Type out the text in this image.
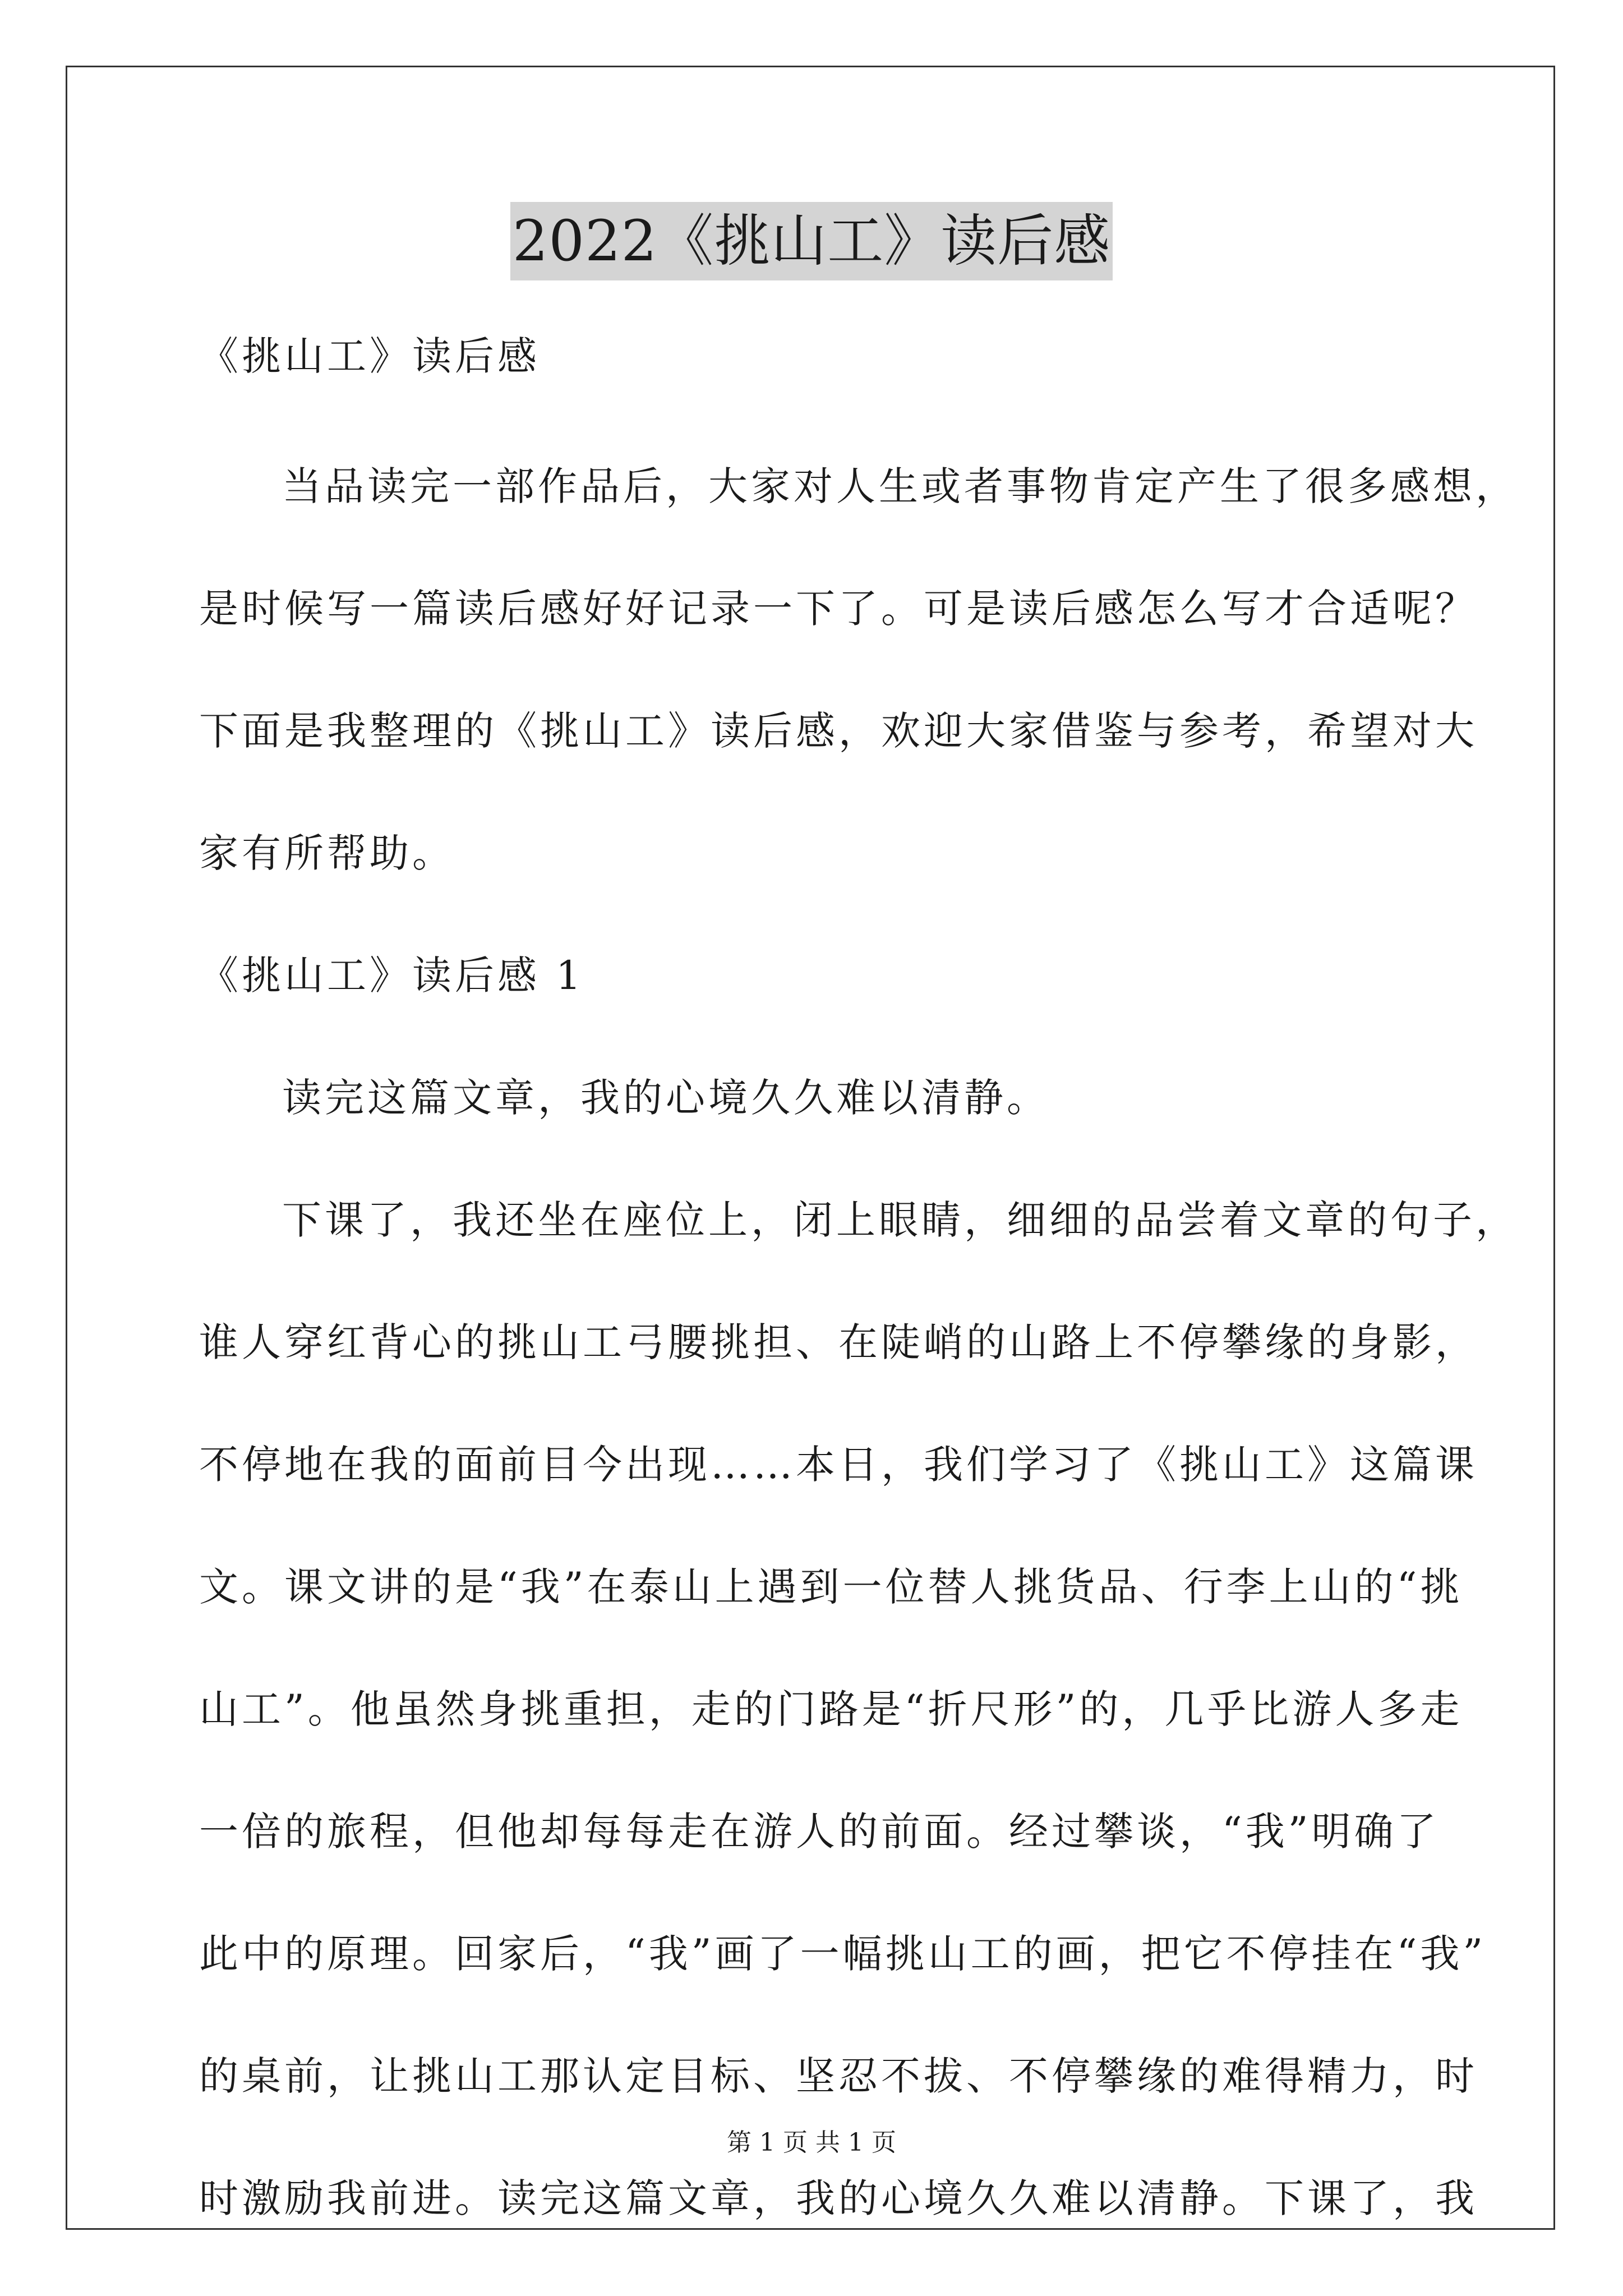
2022《挑山工》读后感
《挑山工》读后感
当品读完一部作品后，大家对人生或者事物肯定产生了很多感想，
是时候写一篇读后感好好记录一下了。可是读后感怎么写才合适呢？
下面是我整理的《挑山工》读后感，欢迎大家借鉴与参考，希望对大
家有所帮助。
《挑山工》读后感 1
读完这篇文章，我的心境久久难以清静。
下课了，我还坐在座位上，闭上眼睛，细细的品尝着文章的句子，
谁人穿红背心的挑山工弓腰挑担、在陡峭的山路上不停攀缘的身影，
不停地在我的面前目今出现……本日，我们学习了《挑山工》这篇课
文。课文讲的是“我”在泰山上遇到一位替人挑货品、行李上山的“挑
山工”。他虽然身挑重担，走的门路是“折尺形”的，几乎比游人多走
一倍的旅程，但他却每每走在游人的前面。经过攀谈，“我”明确了
此中的原理。回家后，“我”画了一幅挑山工的画，把它不停挂在“我”
的桌前，让挑山工那认定目标、坚忍不拔、不停攀缘的难得精力，时
时激励我前进。读完这篇文章，我的心境久久难以清静。下课了，我
第 1 页 共 1 页
